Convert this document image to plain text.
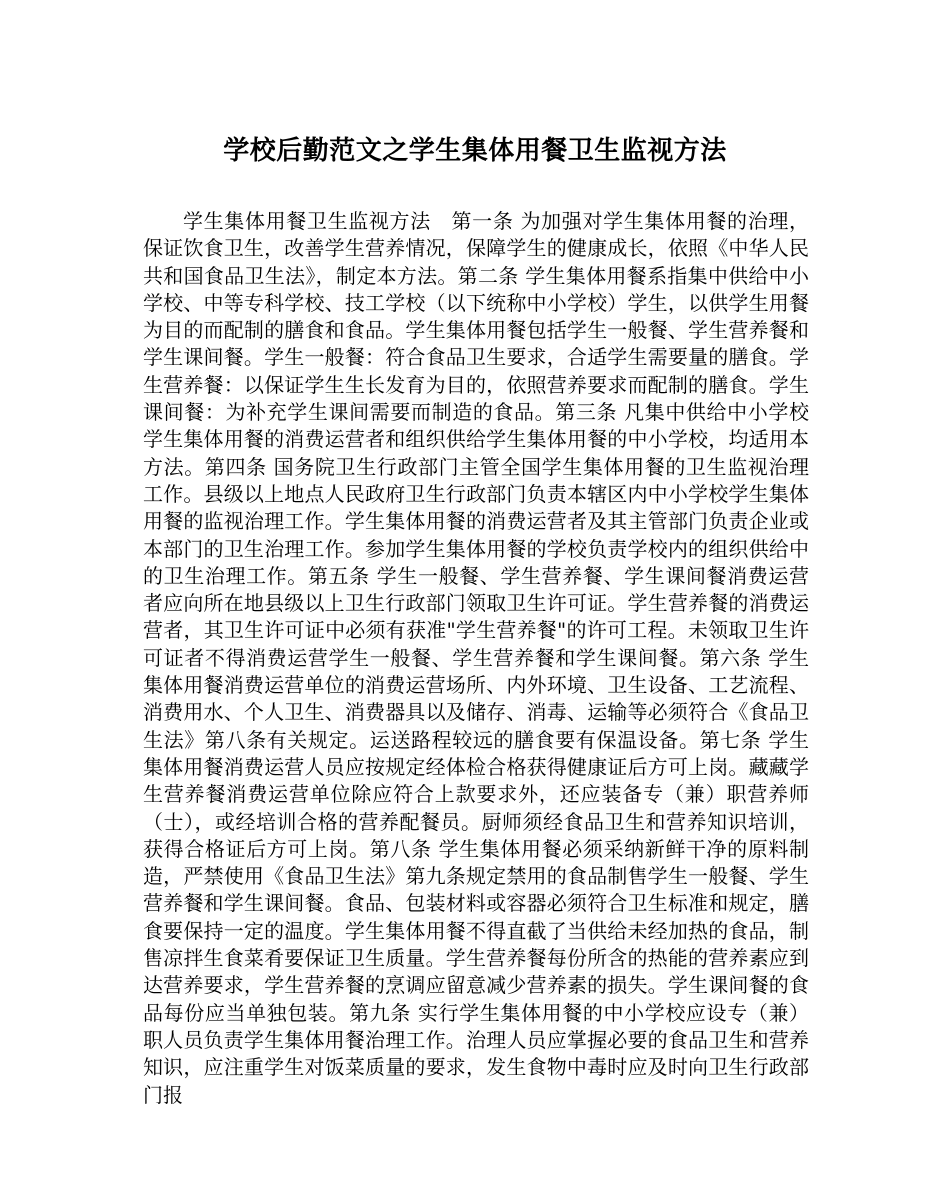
学校后勤范文之学生集体用餐卫生监视方法

学生集体用餐卫生监视方法　第一条 为加强对学生集体用餐的治理，保证饮食卫生，改善学生营养情况，保障学生的健康成长，依照《中华人民共和国食品卫生法》，制定本方法。第二条 学生集体用餐系指集中供给中小学校、中等专科学校、技工学校（以下统称中小学校）学生，以供学生用餐为目的而配制的膳食和食品。学生集体用餐包括学生一般餐、学生营养餐和学生课间餐。学生一般餐：符合食品卫生要求，合适学生需要量的膳食。学生营养餐：以保证学生生长发育为目的，依照营养要求而配制的膳食。学生课间餐：为补充学生课间需要而制造的食品。第三条 凡集中供给中小学校学生集体用餐的消费运营者和组织供给学生集体用餐的中小学校，均适用本方法。第四条 国务院卫生行政部门主管全国学生集体用餐的卫生监视治理工作。县级以上地点人民政府卫生行政部门负责本辖区内中小学校学生集体用餐的监视治理工作。学生集体用餐的消费运营者及其主管部门负责企业或本部门的卫生治理工作。参加学生集体用餐的学校负责学校内的组织供给中的卫生治理工作。第五条 学生一般餐、学生营养餐、学生课间餐消费运营者应向所在地县级以上卫生行政部门领取卫生许可证。学生营养餐的消费运营者，其卫生许可证中必须有获准"学生营养餐"的许可工程。未领取卫生许可证者不得消费运营学生一般餐、学生营养餐和学生课间餐。第六条 学生集体用餐消费运营单位的消费运营场所、内外环境、卫生设备、工艺流程、消费用水、个人卫生、消费器具以及储存、消毒、运输等必须符合《食品卫生法》第八条有关规定。运送路程较远的膳食要有保温设备。第七条 学生集体用餐消费运营人员应按规定经体检合格获得健康证后方可上岗。藏藏学生营养餐消费运营单位除应符合上款要求外，还应装备专（兼）职营养师（士），或经培训合格的营养配餐员。厨师须经食品卫生和营养知识培训，获得合格证后方可上岗。第八条 学生集体用餐必须采纳新鲜干净的原料制造，严禁使用《食品卫生法》第九条规定禁用的食品制售学生一般餐、学生营养餐和学生课间餐。食品、包装材料或容器必须符合卫生标准和规定，膳食要保持一定的温度。学生集体用餐不得直截了当供给未经加热的食品，制售凉拌生食菜肴要保证卫生质量。学生营养餐每份所含的热能的营养素应到达营养要求，学生营养餐的烹调应留意减少营养素的损失。学生课间餐的食品每份应当单独包装。第九条 实行学生集体用餐的中小学校应设专（兼）职人员负责学生集体用餐治理工作。治理人员应掌握必要的食品卫生和营养知识，应注重学生对饭菜质量的要求，发生食物中毒时应及时向卫生行政部门报
